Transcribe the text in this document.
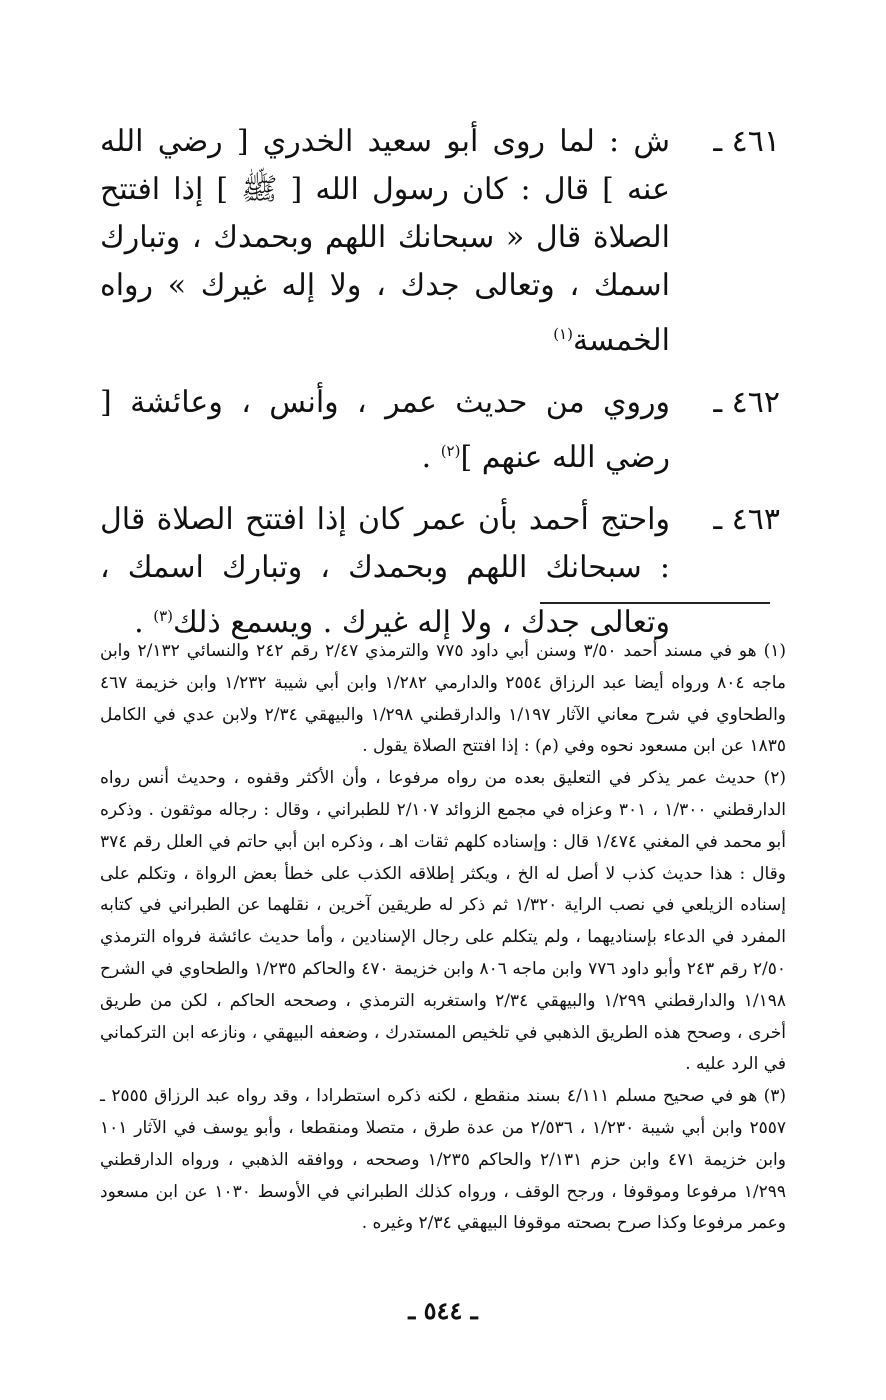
٤٦١ ـ
ش : لما روى أبو سعيد الخدري [ رضي الله عنه ] قال : كان رسول الله [ ﷺ ] إذا افتتح الصلاة قال « سبحانك اللهم وبحمدك ، وتبارك اسمك ، وتعالى جدك ، ولا إله غيرك » رواه الخمسة$^{(١)}$
٤٦٢ ـ
وروي من حديث عمر ، وأنس ، وعائشة [ رضي الله عنهم ]$^{(٢)}$ .
٤٦٣ ـ
واحتج أحمد بأن عمر كان إذا افتتح الصلاة قال : سبحانك اللهم وبحمدك ، وتبارك اسمك ، وتعالى جدك ، ولا إله غيرك . ويسمع ذلك$^{(٣)}$ .

(١) هو في مسند أحمد ٣/٥٠ وسنن أبي داود ٧٧٥ والترمذي ٢/٤٧ رقم ٢٤٢ والنسائي ٢/١٣٢ وابن ماجه ٨٠٤ ورواه أيضا عبد الرزاق ٢٥٥٤ والدارمي ١/٢٨٢ وابن أبي شيبة ١/٢٣٢ وابن خزيمة ٤٦٧ والطحاوي في شرح معاني الآثار ١/١٩٧ والدارقطني ١/٢٩٨ والبيهقي ٢/٣٤ ولابن عدي في الكامل ١٨٣٥ عن ابن مسعود نحوه وفي (م) : إذا افتتح الصلاة يقول .

(٢) حديث عمر يذكر في التعليق بعده من رواه مرفوعا ، وأن الأكثر وقفوه ، وحديث أنس رواه الدارقطني ١/٣٠٠ ، ٣٠١ وعزاه في مجمع الزوائد ٢/١٠٧ للطبراني ، وقال : رجاله موثقون . وذكره أبو محمد في المغني ١/٤٧٤ قال : وإسناده كلهم ثقات اهـ ، وذكره ابن أبي حاتم في العلل رقم ٣٧٤ وقال : هذا حديث كذب لا أصل له الخ ، ويكثر إطلاقه الكذب على خطأ بعض الرواة ، وتكلم على إسناده الزيلعي في نصب الراية ١/٣٢٠ ثم ذكر له طريقين آخرين ، نقلهما عن الطبراني في كتابه المفرد في الدعاء بإسناديهما ، ولم يتكلم على رجال الإسنادين ، وأما حديث عائشة فرواه الترمذي ٢/٥٠ رقم ٢٤٣ وأبو داود ٧٧٦ وابن ماجه ٨٠٦ وابن خزيمة ٤٧٠ والحاكم ١/٢٣٥ والطحاوي في الشرح ١/١٩٨ والدارقطني ١/٢٩٩ والبيهقي ٢/٣٤ واستغربه الترمذي ، وصححه الحاكم ، لكن من طريق أخرى ، وصحح هذه الطريق الذهبي في تلخيص المستدرك ، وضعفه البيهقي ، ونازعه ابن التركماني في الرد عليه .

(٣) هو في صحيح مسلم ٤/١١١ بسند منقطع ، لكنه ذكره استطرادا ، وقد رواه عبد الرزاق ٢٥٥٥ ـ ٢٥٥٧ وابن أبي شيبة ١/٢٣٠ ، ٢/٥٣٦ من عدة طرق ، متصلا ومنقطعا ، وأبو يوسف في الآثار ١٠١ وابن خزيمة ٤٧١ وابن حزم ٢/١٣١ والحاكم ١/٢٣٥ وصححه ، ووافقه الذهبي ، ورواه الدارقطني ١/٢٩٩ مرفوعا وموقوفا ، ورجح الوقف ، ورواه كذلك الطبراني في الأوسط ١٠٣٠ عن ابن مسعود وعمر مرفوعا وكذا صرح بصحته موقوفا البيهقي ٢/٣٤ وغيره .

ـ ٥٤٤ ـ
